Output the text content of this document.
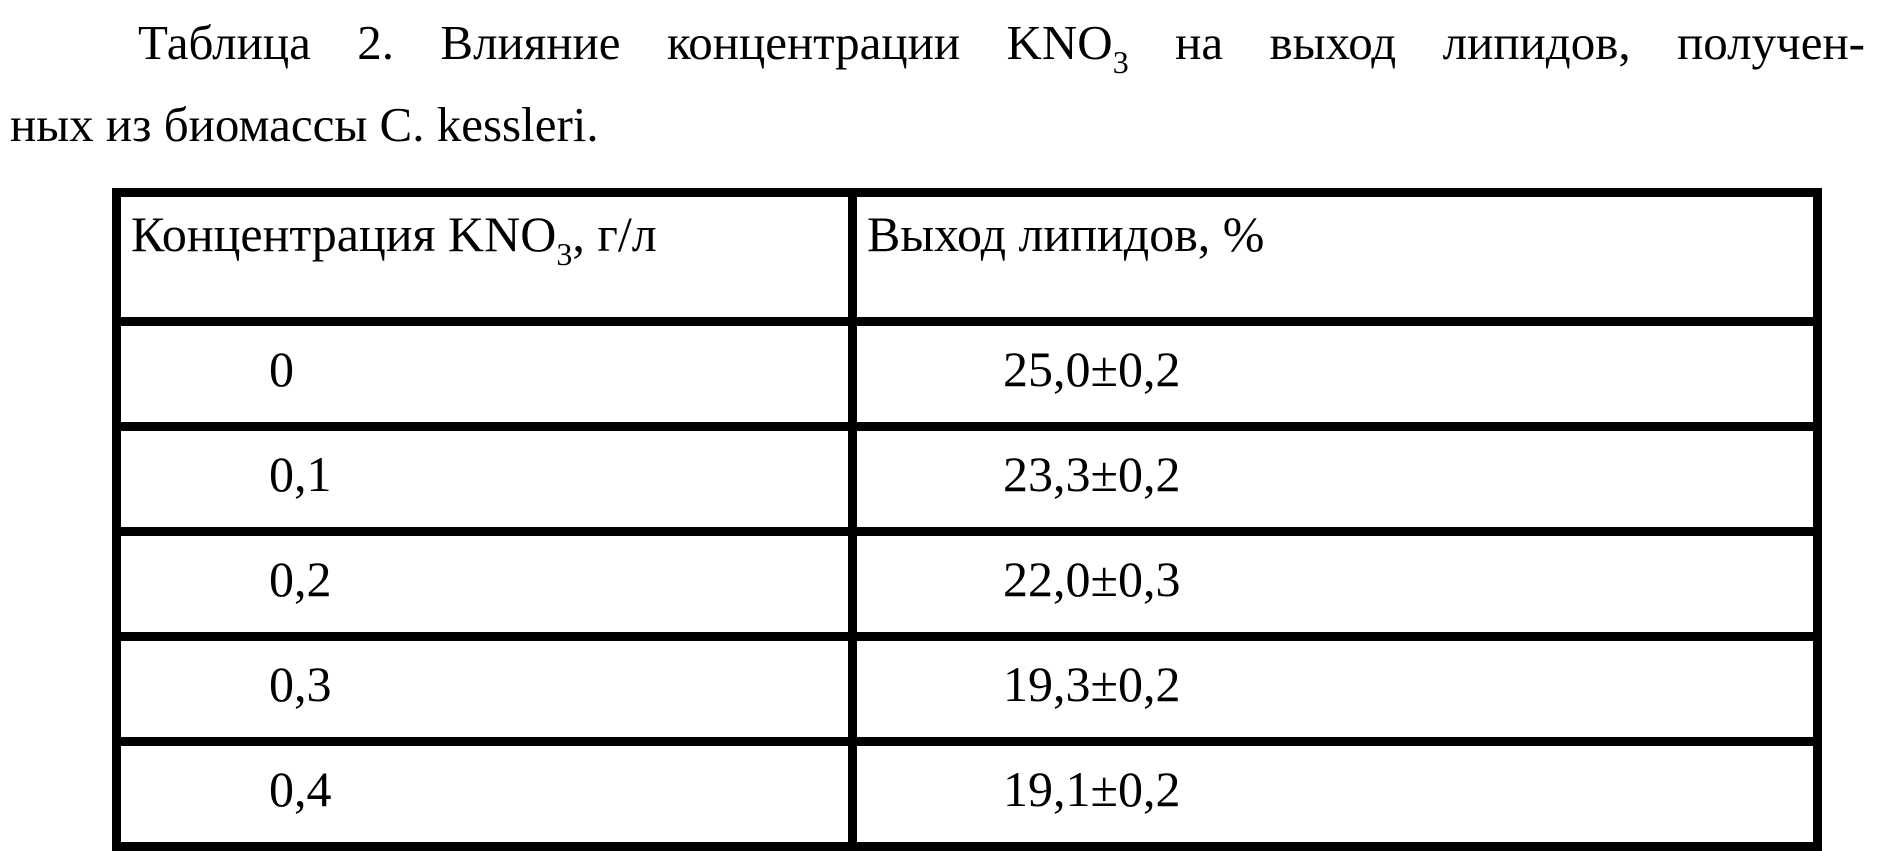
Таблица 2. Влияние концентрации $KNO_3$ на выход липидов, получен-
ных из биомассы C. kessleri.
Концентрация $KNO_3$, г/л	Выход липидов, %
0	25,0±0,2
0,1	23,3±0,2
0,2	22,0±0,3
0,3	19,3±0,2
0,4	19,1±0,2
